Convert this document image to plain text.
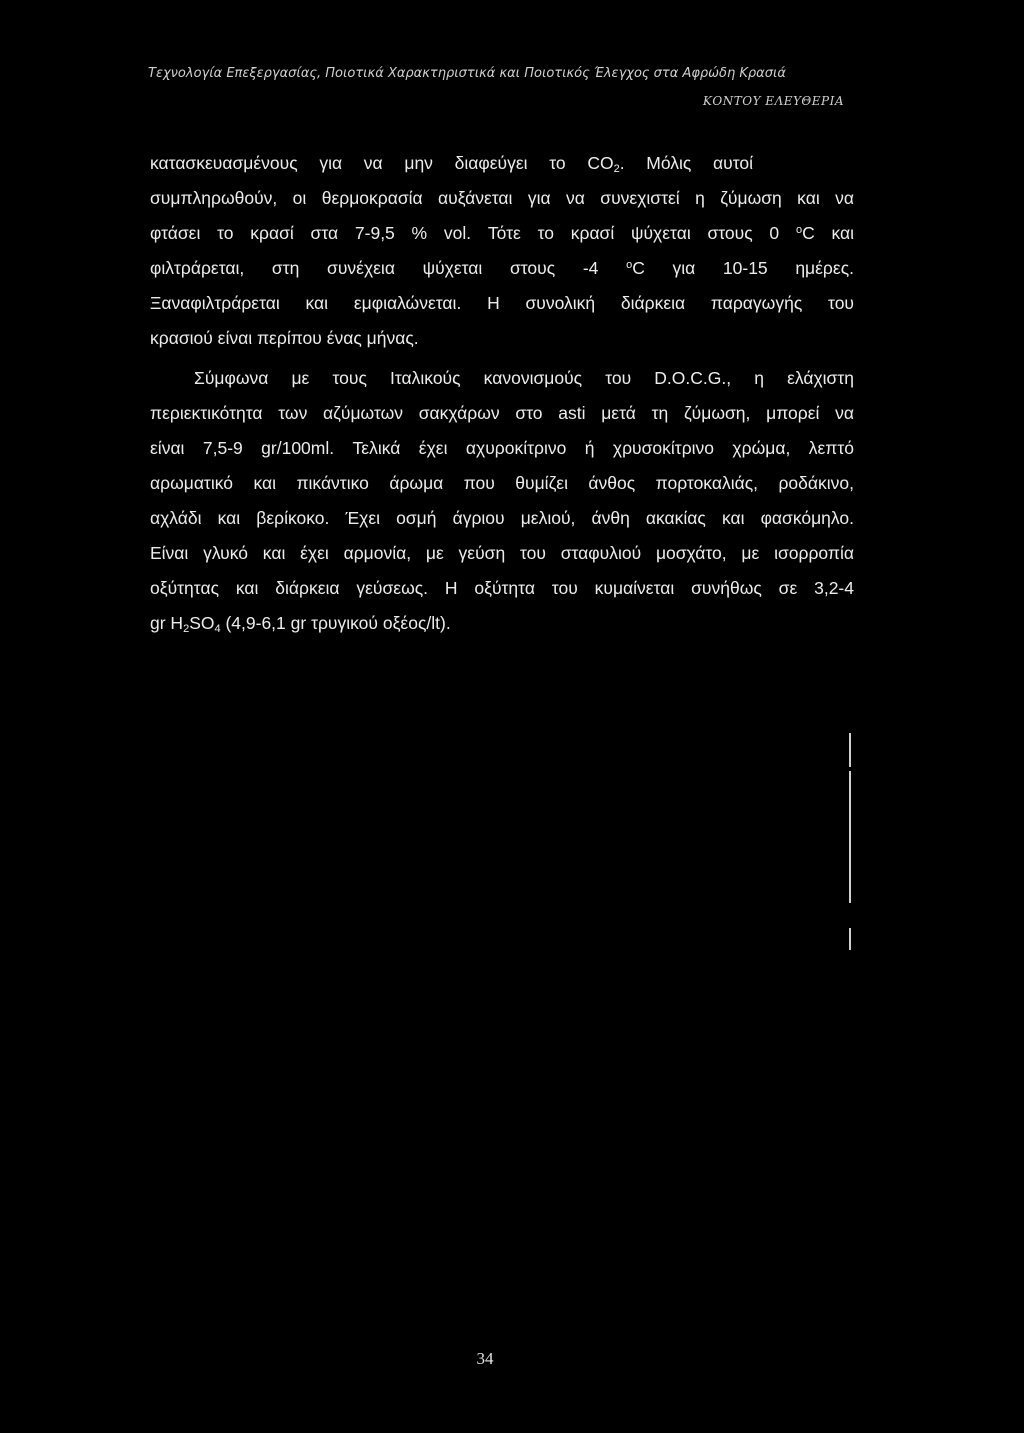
Τεχνολογία Επεξεργασίας, Ποιοτικά Χαρακτηριστικά και Ποιοτικός Έλεγχος στα Αφρώδη Κρασιά
ΚΟΝΤΟΥ ΕΛΕΥΘΕΡΙΑ
κατασκευασμένους για να μην διαφεύγει το $CO_2$. Μόλις αυτοί
συμπληρωθούν, οι θερμοκρασία αυξάνεται για να συνεχιστεί η ζύμωση και να
φτάσει το κρασί στα 7-9,5 % vol. Τότε το κρασί ψύχεται στους 0 $^o$C και
φιλτράρεται, στη συνέχεια ψύχεται στους -4	$^o$C για 10-15 ημέρες.
Ξαναφιλτράρεται και εμφιαλώνεται. Η συνολική διάρκεια παραγωγής του
κρασιού είναι περίπου ένας μήνας.
Σύμφωνα με τους Ιταλικούς κανονισμούς του D.O.C.G., η ελάχιστη
περιεκτικότητα των αζύμωτων σακχάρων στο asti μετά τη ζύμωση, μπορεί να
είναι 7,5-9 gr/100ml. Τελικά έχει αχυροκίτρινο ή χρυσοκίτρινο χρώμα, λεπτό
αρωματικό και πικάντικο άρωμα που θυμίζει άνθος πορτοκαλιάς, ροδάκινο,
αχλάδι και βερίκοκο. Έχει οσμή άγριου μελιού, άνθη ακακίας και φασκόμηλο.
Είναι γλυκό και έχει αρμονία, με γεύση του σταφυλιού μοσχάτο, με ισορροπία
οξύτητας και διάρκεια γεύσεως. Η οξύτητα του κυμαίνεται συνήθως σε 3,2-4
gr $H_2SO_4$ (4,9-6,1 gr τρυγικού οξέος/lt).
34
